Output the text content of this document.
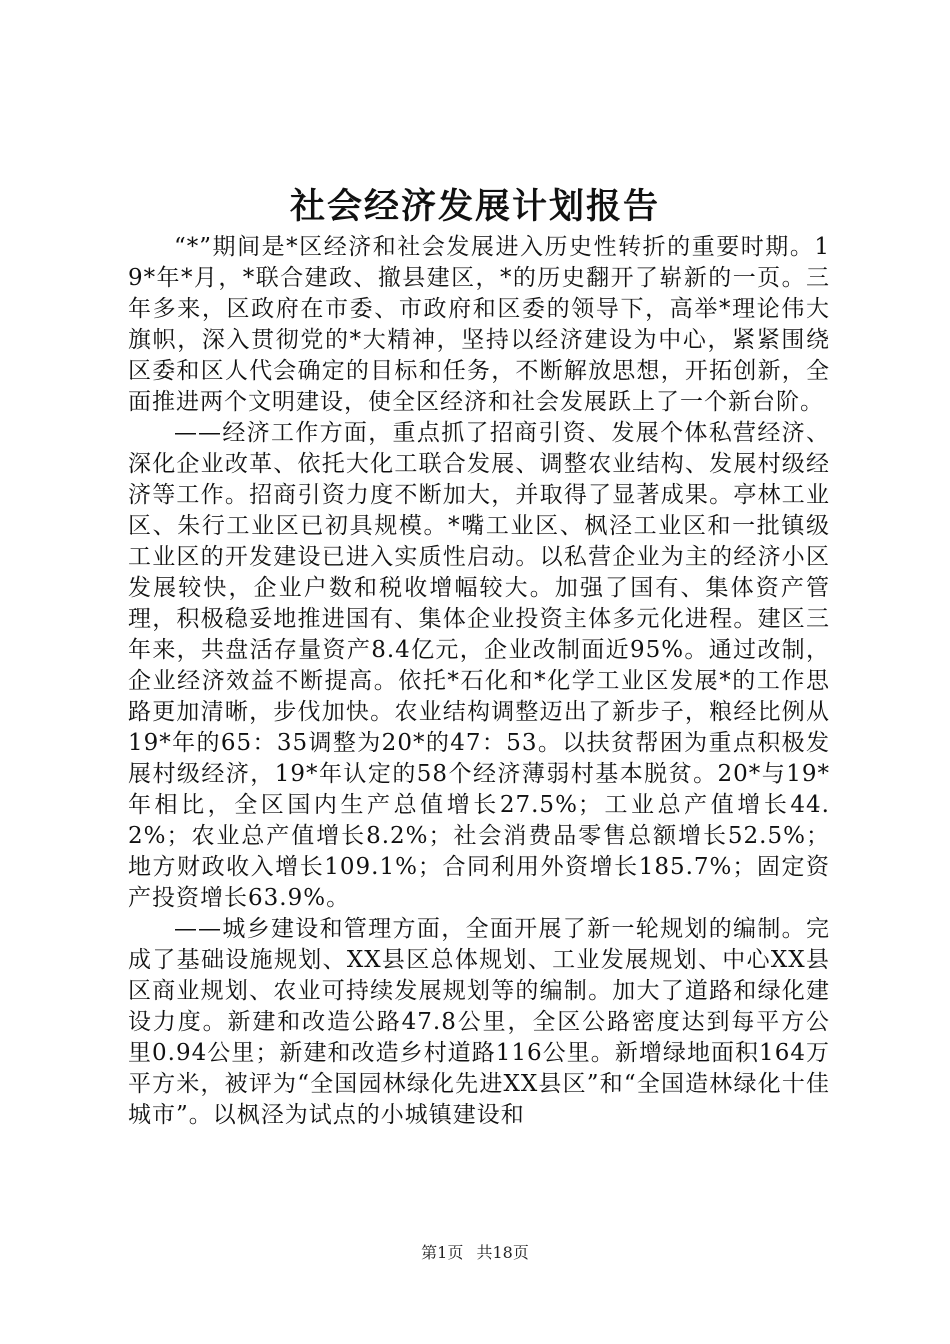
社会经济发展计划报告

“*”期间是*区经济和社会发展进入历史性转折的重要时期。19*年*月，*联合建政、撤县建区，*的历史翻开了崭新的一页。三年多来，区政府在市委、市政府和区委的领导下，高举*理论伟大旗帜，深入贯彻党的*大精神，坚持以经济建设为中心，紧紧围绕区委和区人代会确定的目标和任务，不断解放思想，开拓创新，全面推进两个文明建设，使全区经济和社会发展跃上了一个新台阶。

——经济工作方面，重点抓了招商引资、发展个体私营经济、深化企业改革、依托大化工联合发展、调整农业结构、发展村级经济等工作。招商引资力度不断加大，并取得了显著成果。亭林工业区、朱行工业区已初具规模。*嘴工业区、枫泾工业区和一批镇级工业区的开发建设已进入实质性启动。以私营企业为主的经济小区发展较快，企业户数和税收增幅较大。加强了国有、集体资产管理，积极稳妥地推进国有、集体企业投资主体多元化进程。建区三年来，共盘活存量资产8.4亿元，企业改制面近95%。通过改制，企业经济效益不断提高。依托*石化和*化学工业区发展*的工作思路更加清晰，步伐加快。农业结构调整迈出了新步子，粮经比例从19*年的65：35调整为20*的47：53。以扶贫帮困为重点积极发展村级经济，19*年认定的58个经济薄弱村基本脱贫。20*与19*年相比，全区国内生产总值增长27.5%；工业总产值增长44.2%；农业总产值增长8.2%；社会消费品零售总额增长52.5%；地方财政收入增长109.1%；合同利用外资增长185.7%；固定资产投资增长63.9%。

——城乡建设和管理方面，全面开展了新一轮规划的编制。完成了基础设施规划、XX县区总体规划、工业发展规划、中心XX县区商业规划、农业可持续发展规划等的编制。加大了道路和绿化建设力度。新建和改造公路47.8公里，全区公路密度达到每平方公里0.94公里；新建和改造乡村道路116公里。新增绿地面积164万平方米，被评为“全国园林绿化先进XX县区”和“全国造林绿化十佳城市”。以枫泾为试点的小城镇建设和

第1页 共18页
